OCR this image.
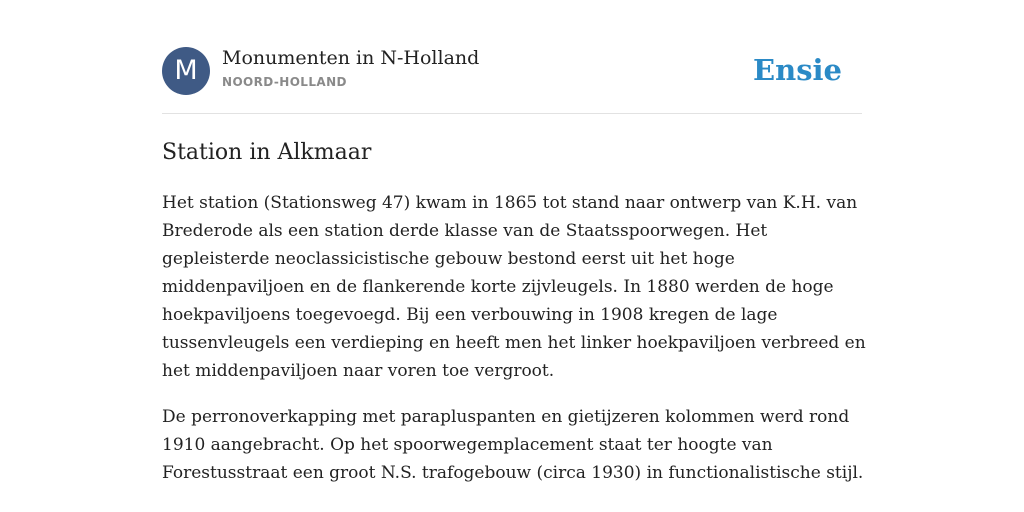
M	Monumenten in N-Holland
NOORD-HOLLAND	Ensie
Station in Alkmaar

Het station (Stationsweg 47) kwam in 1865 tot stand naar ontwerp van K.H. van Brederode als een station derde klasse van de Staatsspoorwegen. Het gepleisterde neoclassicistische gebouw bestond eerst uit het hoge middenpaviljoen en de flankerende korte zijvleugels. In 1880 werden de hoge hoekpaviljoens toegevoegd. Bij een verbouwing in 1908 kregen de lage tussenvleugels een verdieping en heeft men het linker hoekpaviljoen verbreed en het middenpaviljoen naar voren toe vergroot.

De perronoverkapping met parapluspanten en gietijzeren kolommen werd rond 1910 aangebracht. Op het spoorwegemplacement staat ter hoogte van Forestusstraat een groot N.S. trafogebouw (circa 1930) in functionalistische stijl.
